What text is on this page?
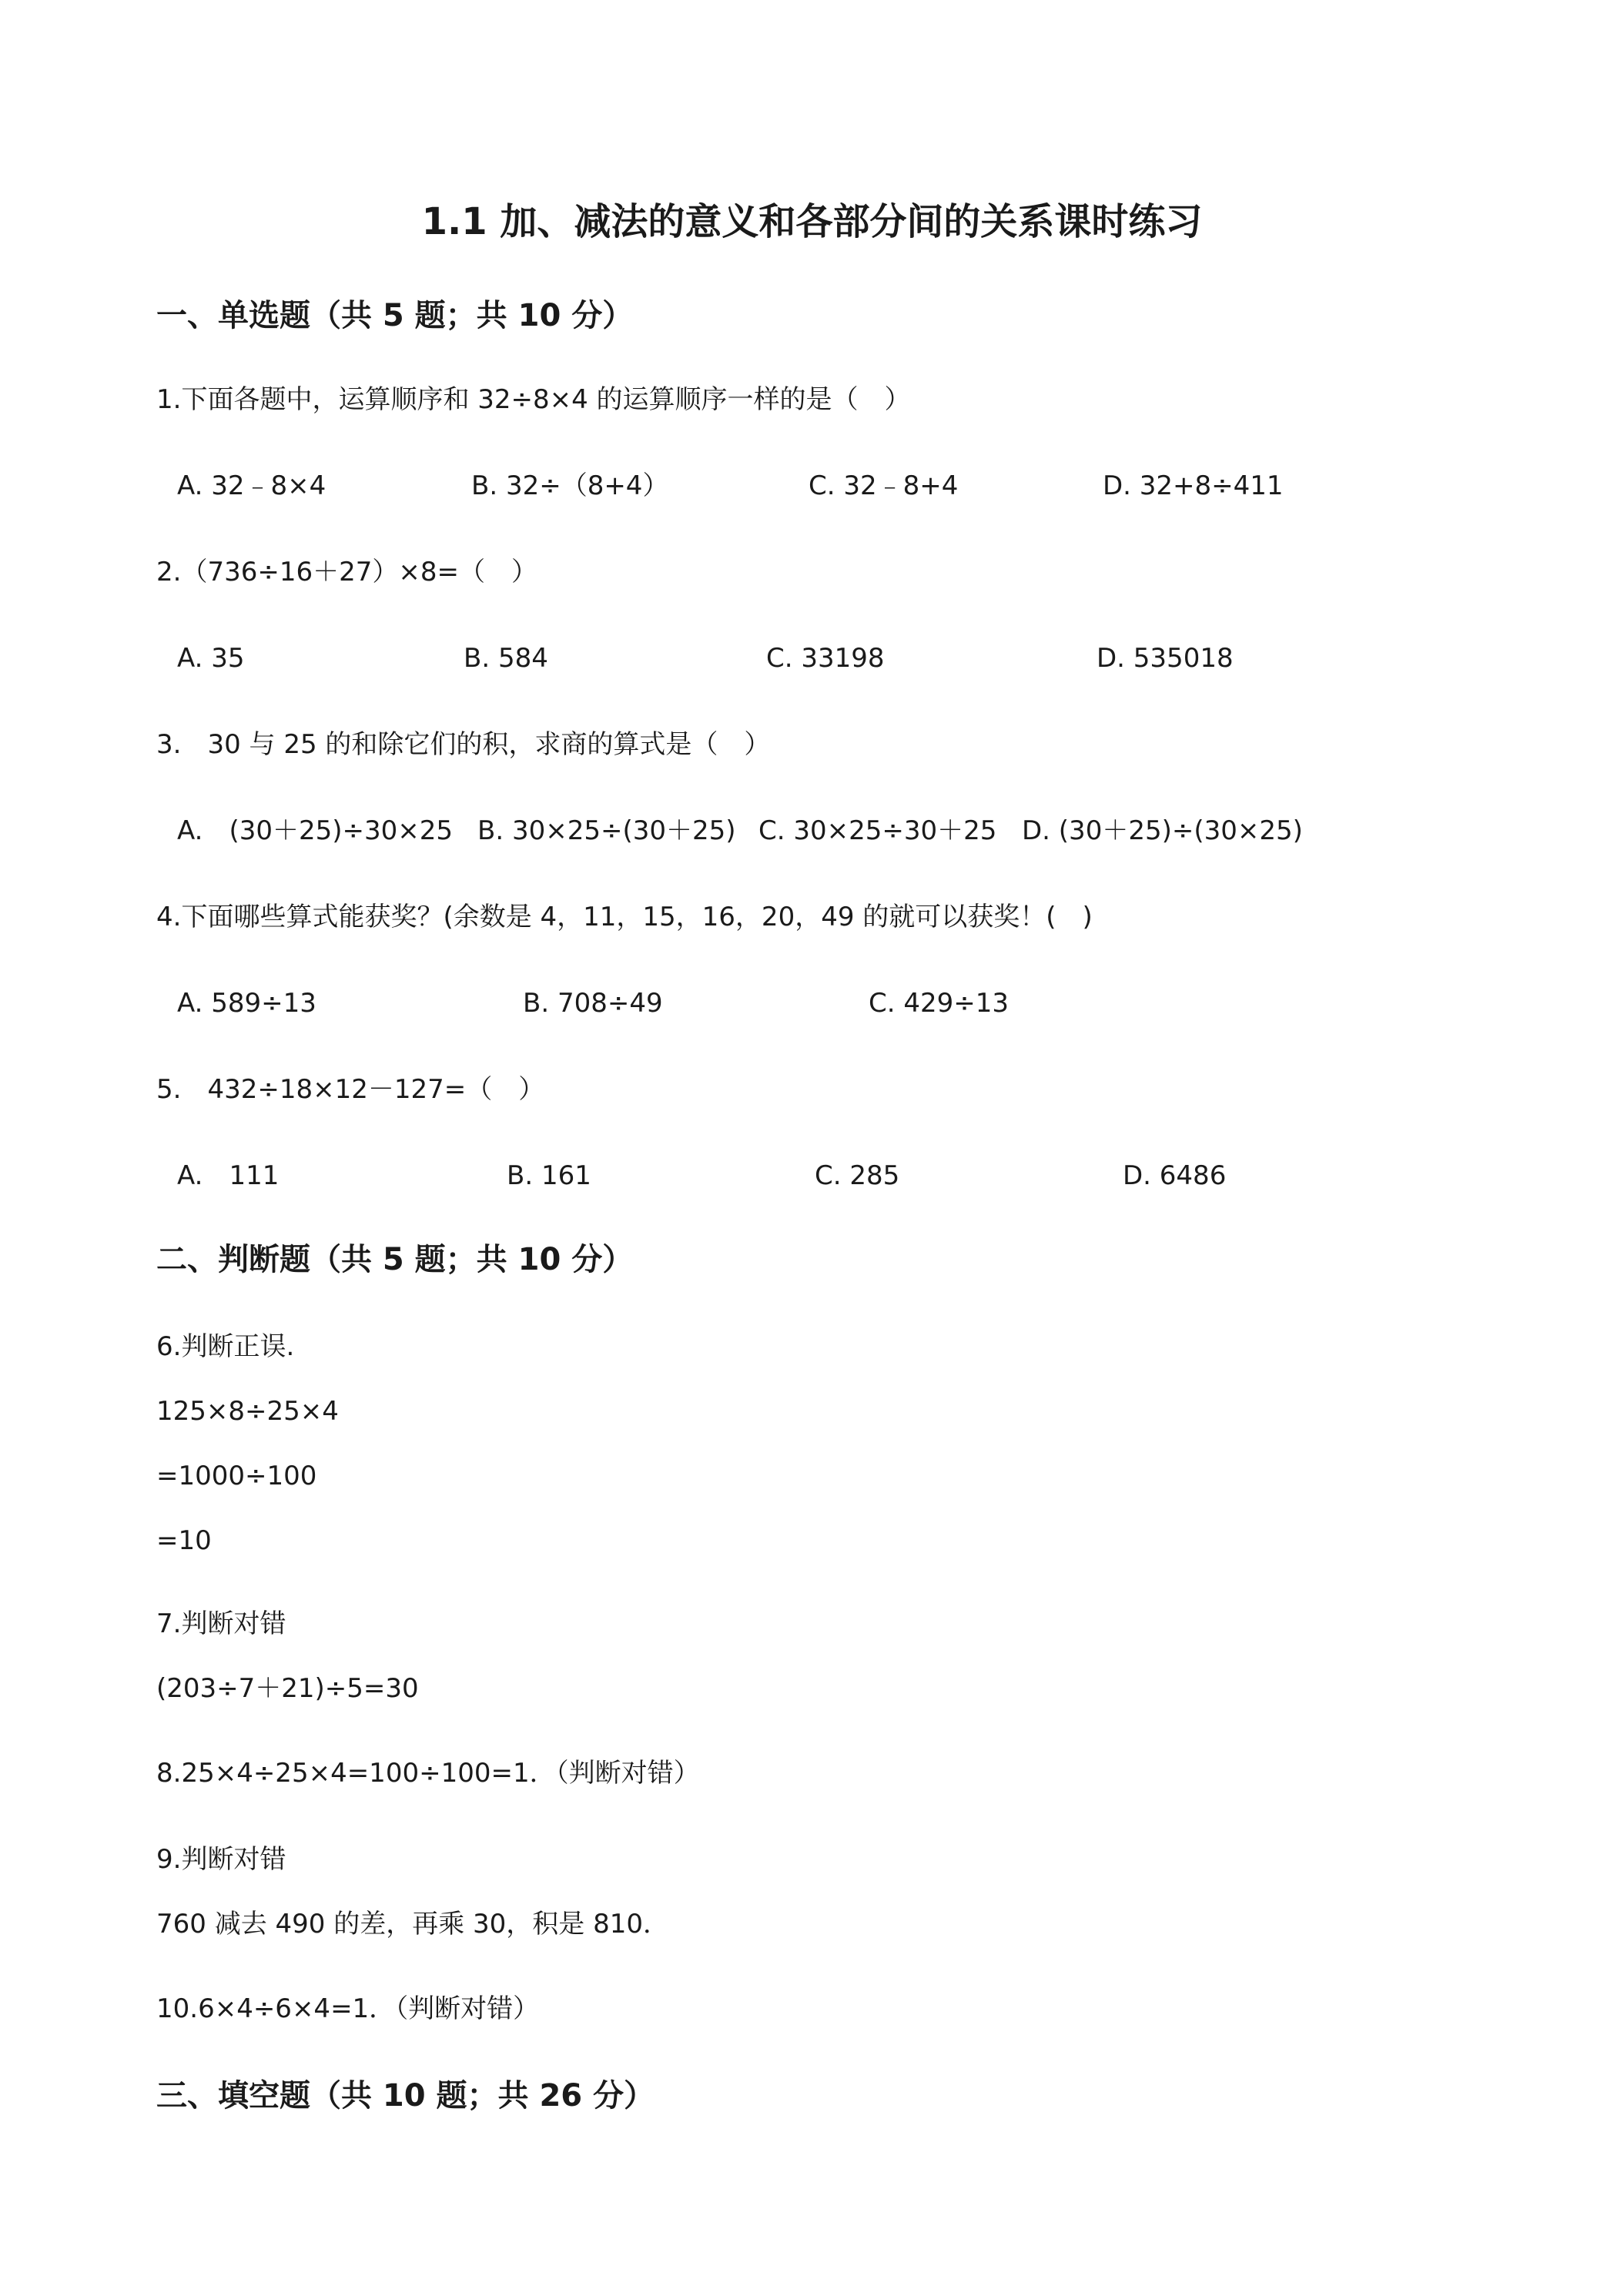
1.1 加、减法的意义和各部分间的关系课时练习
一、单选题（共 5 题；共 10 分）
1.下面各题中，运算顺序和 32÷8×4 的运算顺序一样的是（　）
A. 32﹣8×4	B. 32÷（8+4）	C. 32﹣8+4	D. 32+8÷411
2.（736÷16＋27）×8=（　）
A. 35	B. 584	C. 33198	D. 535018
3.　30 与 25 的和除它们的积，求商的算式是（　）
A.　(30＋25)÷30×25 B. 30×25÷(30＋25) C. 30×25÷30＋25 D. (30＋25)÷(30×25)
4.下面哪些算式能获奖？(余数是 4，11，15，16，20，49 的就可以获奖！(　)
A. 589÷13	B. 708÷49	C. 429÷13
5.　432÷18×12－127=（　）
A.　111	B. 161	C. 285	D. 6486
二、判断题（共 5 题；共 10 分）
6.判断正误.
125×8÷25×4
=1000÷100
=10
7.判断对错
(203÷7＋21)÷5=30
8.25×4÷25×4=100÷100=1．（判断对错）
9.判断对错
760 减去 490 的差，再乘 30，积是 810．
10.6×4÷6×4=1．（判断对错）
三、填空题（共 10 题；共 26 分）
